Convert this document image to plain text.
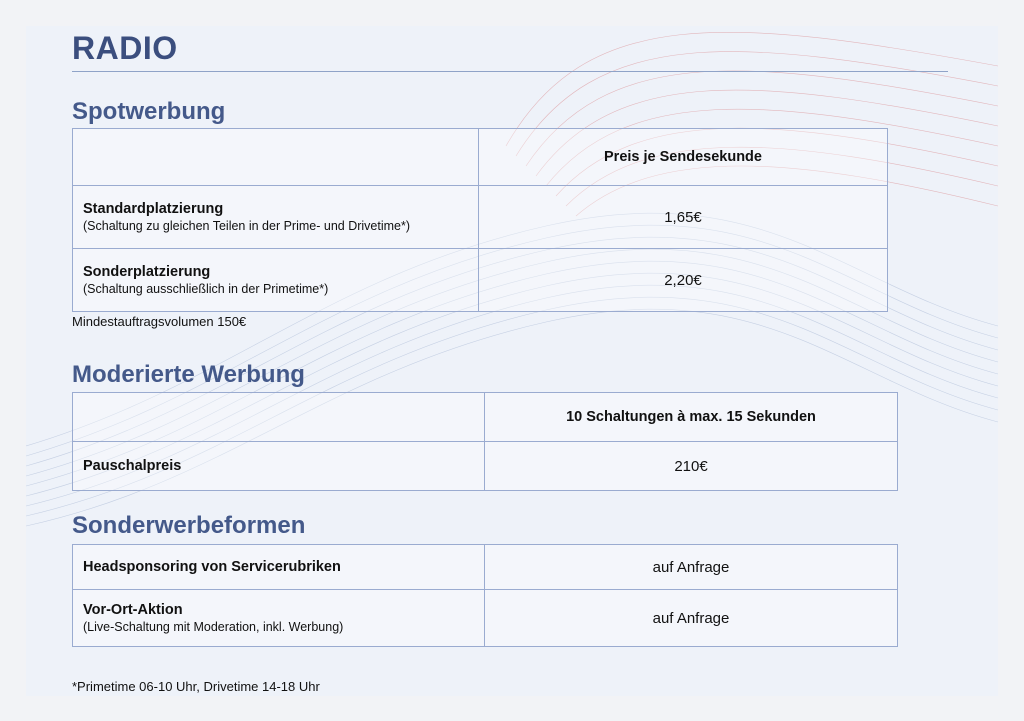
RADIO
Spotwerbung
	Preis je Sendesekunde

Standardplatzierung
(Schaltung zu gleichen Teilen in der Prime- und Drivetime*)	1,65€

Sonderplatzierung
(Schaltung ausschließlich in der Primetime*)	2,20€
Mindestauftragsvolumen 150€
Moderierte Werbung
	10 Schaltungen à max. 15 Sekunden

Pauschalpreis	210€
Sonderwerbeformen
Headsponsoring von Servicerubriken	auf Anfrage

Vor-Ort-Aktion
(Live-Schaltung mit Moderation, inkl. Werbung)	auf Anfrage
*Primetime 06-10 Uhr, Drivetime 14-18 Uhr
